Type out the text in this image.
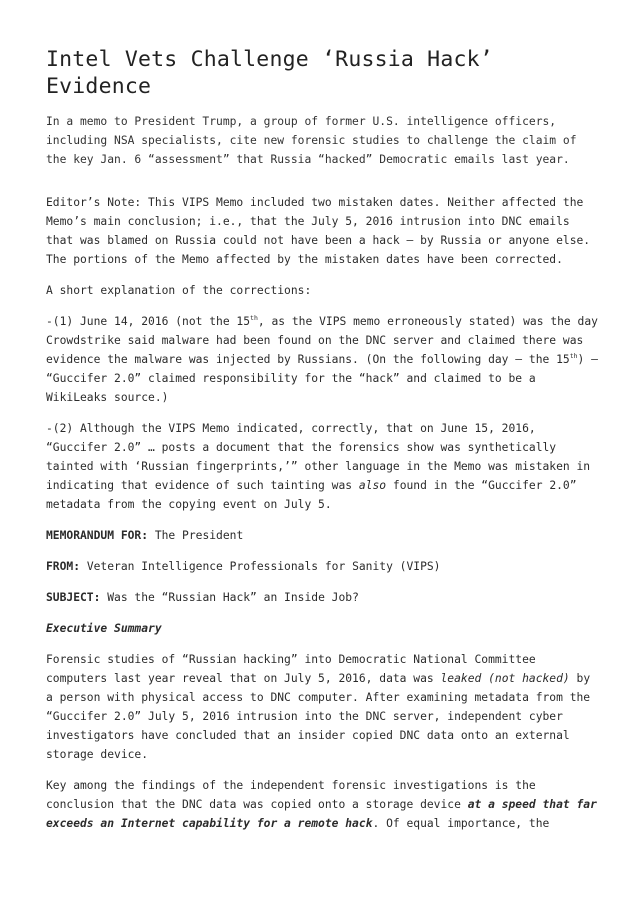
Intel Vets Challenge ‘Russia Hack’ Evidence

In a memo to President Trump, a group of former U.S. intelligence officers, including NSA specialists, cite new forensic studies to challenge the claim of the key Jan. 6 “assessment” that Russia “hacked” Democratic emails last year.

Editor’s Note: This VIPS Memo included two mistaken dates. Neither affected the Memo’s main conclusion; i.e., that the July 5, 2016 intrusion into DNC emails that was blamed on Russia could not have been a hack — by Russia or anyone else. The portions of the Memo affected by the mistaken dates have been corrected.

A short explanation of the corrections:

-(1) June 14, 2016 (not the 15th, as the VIPS memo erroneously stated) was the day Crowdstrike said malware had been found on the DNC server and claimed there was evidence the malware was injected by Russians. (On the following day — the 15th) — “Guccifer 2.0” claimed responsibility for the “hack” and claimed to be a WikiLeaks source.)

-(2) Although the VIPS Memo indicated, correctly, that on June 15, 2016, “Guccifer 2.0” … posts a document that the forensics show was synthetically tainted with ‘Russian fingerprints,’” other language in the Memo was mistaken in indicating that evidence of such tainting was also found in the “Guccifer 2.0” metadata from the copying event on July 5.

MEMORANDUM FOR: The President

FROM: Veteran Intelligence Professionals for Sanity (VIPS)

SUBJECT: Was the “Russian Hack” an Inside Job?

Executive Summary

Forensic studies of “Russian hacking” into Democratic National Committee computers last year reveal that on July 5, 2016, data was leaked (not hacked) by a person with physical access to DNC computer. After examining metadata from the “Guccifer 2.0” July 5, 2016 intrusion into the DNC server, independent cyber investigators have concluded that an insider copied DNC data onto an external storage device.

Key among the findings of the independent forensic investigations is the conclusion that the DNC data was copied onto a storage device at a speed that far exceeds an Internet capability for a remote hack. Of equal importance, the
